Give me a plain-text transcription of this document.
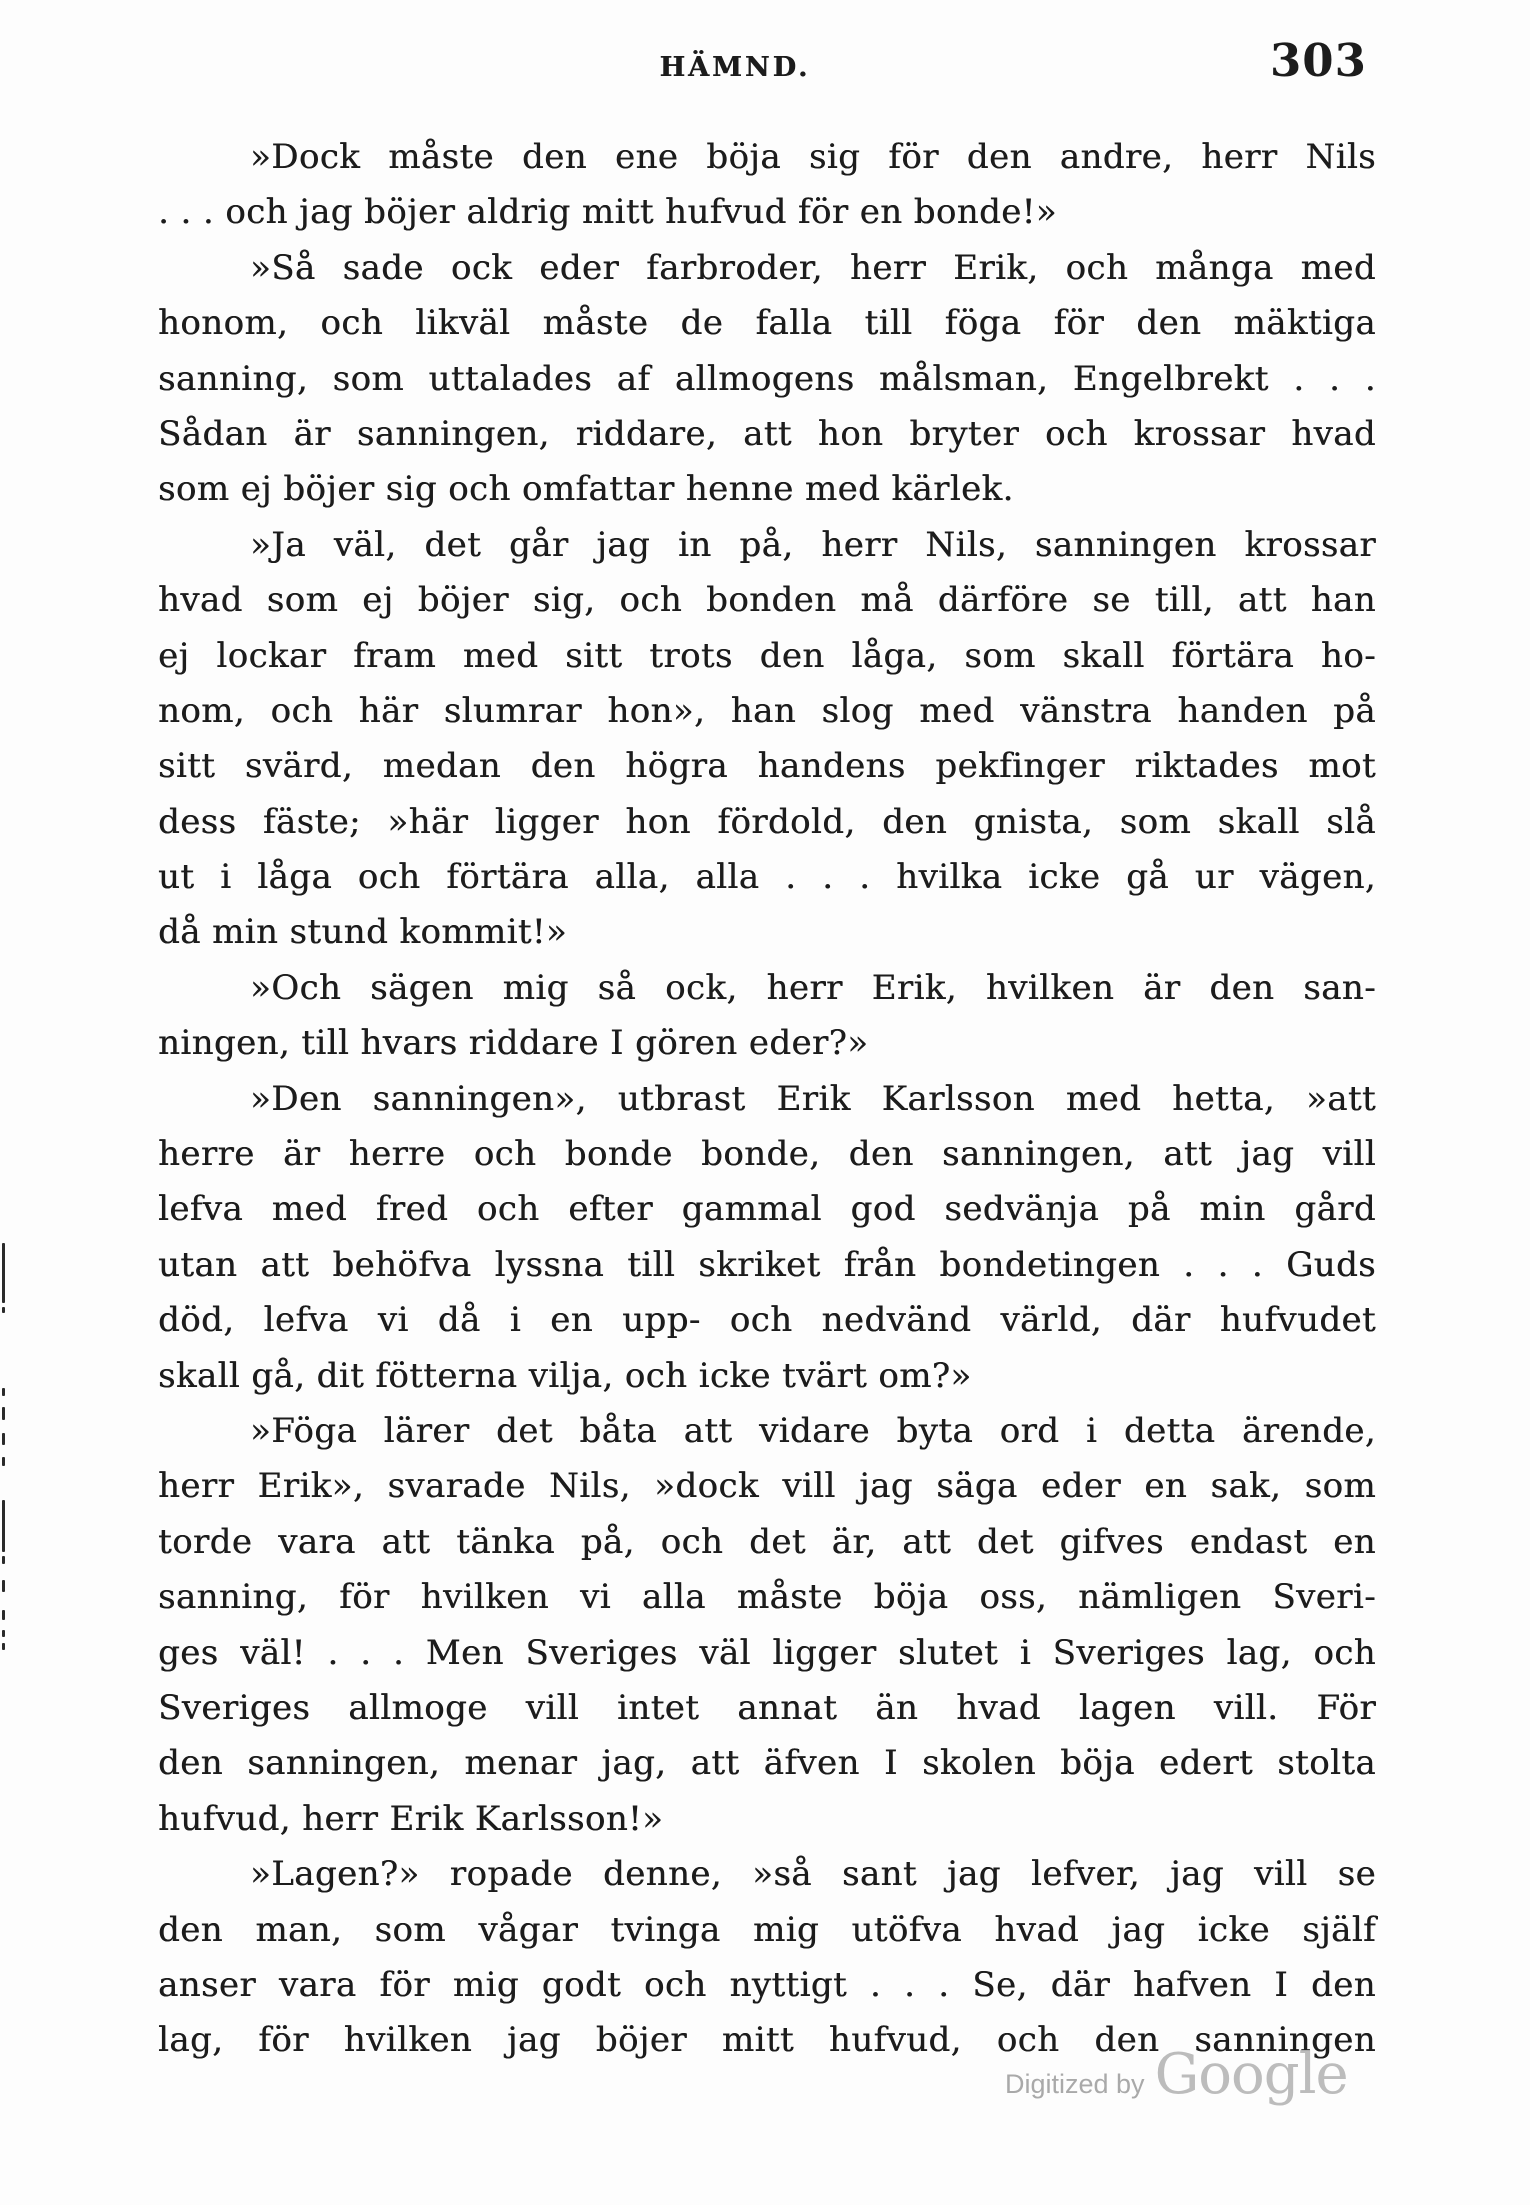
HÄMND.	303
»Dock måste den ene böja sig för den andre, herr Nils
. . . och jag böjer aldrig mitt hufvud för en bonde!»
»Så sade ock eder farbroder, herr Erik, och många med
honom, och likväl måste de falla till föga för den mäktiga
sanning, som uttalades af allmogens målsman, Engelbrekt . . .
Sådan är sanningen, riddare, att hon bryter och krossar hvad
som ej böjer sig och omfattar henne med kärlek.
»Ja väl, det går jag in på, herr Nils, sanningen krossar
hvad som ej böjer sig, och bonden må därföre se till, att han
ej lockar fram med sitt trots den låga, som skall förtära ho-
nom, och här slumrar hon», han slog med vänstra handen på
sitt svärd, medan den högra handens pekfinger riktades mot
dess fäste; »här ligger hon fördold, den gnista, som skall slå
ut i låga och förtära alla, alla . . . hvilka icke gå ur vägen,
då min stund kommit!»
»Och sägen mig så ock, herr Erik, hvilken är den san-
ningen, till hvars riddare I gören eder?»
»Den sanningen», utbrast Erik Karlsson med hetta, »att
herre är herre och bonde bonde, den sanningen, att jag vill
lefva med fred och efter gammal god sedvänja på min gård
utan att behöfva lyssna till skriket från bondetingen . . . Guds
död, lefva vi då i en upp- och nedvänd värld, där hufvudet
skall gå, dit fötterna vilja, och icke tvärt om?»
»Föga lärer det båta att vidare byta ord i detta ärende,
herr Erik», svarade Nils, »dock vill jag säga eder en sak, som
torde vara att tänka på, och det är, att det gifves endast en
sanning, för hvilken vi alla måste böja oss, nämligen Sveri-
ges väl! . . . Men Sveriges väl ligger slutet i Sveriges lag, och
Sveriges allmoge vill intet annat än hvad lagen vill. För
den sanningen, menar jag, att äfven I skolen böja edert stolta
hufvud, herr Erik Karlsson!»
»Lagen?» ropade denne, »så sant jag lefver, jag vill se
den man, som vågar tvinga mig utöfva hvad jag icke själf
anser vara för mig godt och nyttigt . . . Se, där hafven I den
lag, för hvilken jag böjer mitt hufvud, och den sanningen
Digitized by Google
